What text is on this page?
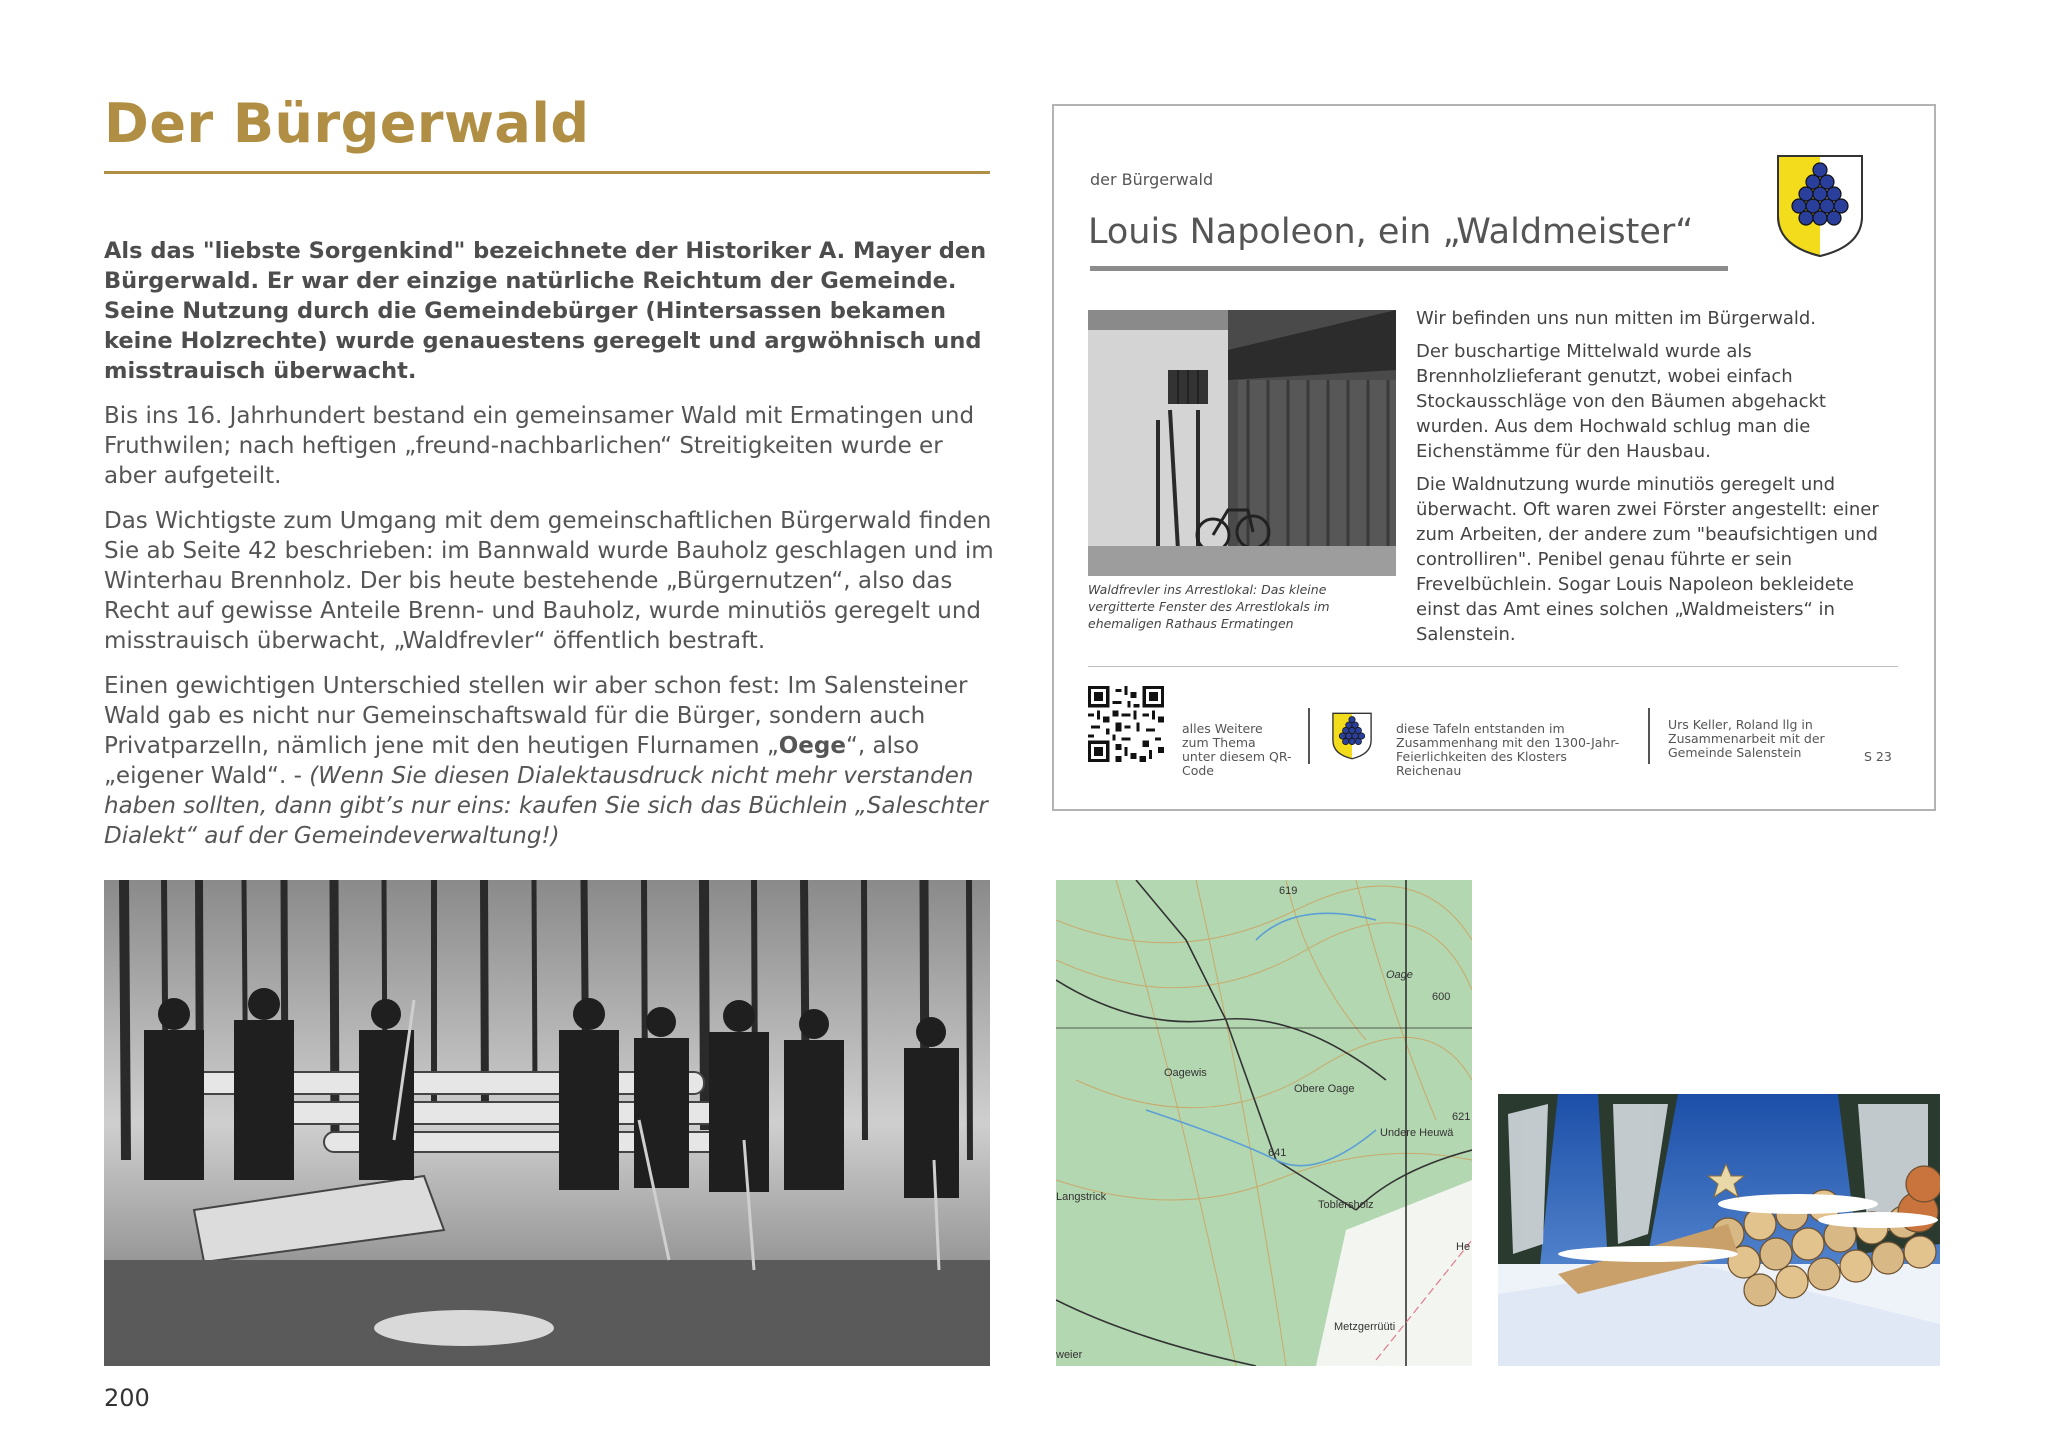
Der Bürgerwald

Als das "liebste Sorgenkind" bezeichnete der Historiker A. Mayer den Bürgerwald. Er war der einzige natürliche Reichtum der Gemeinde. Seine Nutzung durch die Gemeindebürger (Hintersassen bekamen keine Holzrechte) wurde genauestens geregelt und argwöhnisch und misstrauisch überwacht.

Bis ins 16. Jahrhundert bestand ein gemeinsamer Wald mit Ermatingen und Fruthwilen; nach heftigen „freund-nachbarlichen“ Streitigkeiten wurde er aber aufgeteilt.

Das Wichtigste zum Umgang mit dem gemeinschaftlichen Bürgerwald finden Sie ab Seite 42 beschrieben: im Bannwald wurde Bauholz geschlagen und im Winterhau Brennholz. Der bis heute bestehende „Bürgernutzen“, also das Recht auf gewisse Anteile Brenn- und Bauholz, wurde minutiös geregelt und misstrauisch überwacht, „Waldfrevler“ öffentlich bestraft.

Einen gewichtigen Unterschied stellen wir aber schon fest: Im Salensteiner Wald gab es nicht nur Gemeinschaftswald für die Bürger, sondern auch Privatparzelln, nämlich jene mit den heutigen Flurnamen „Oege“, also „eigener Wald“. - (Wenn Sie diesen Dialektausdruck nicht mehr verstanden haben sollten, dann gibt’s nur eins: kaufen Sie sich das Büchlein „Saleschter Dialekt“ auf der Gemeindeverwaltung!)

der Bürgerwald
Louis Napoleon, ein „Waldmeister“
Waldfrevler ins Arrestlokal: Das kleine vergitterte Fenster des Arrestlokals im ehemaligen Rathaus Ermatingen

Wir befinden uns nun mitten im Bürgerwald.

Der buschartige Mittelwald wurde als Brennholzlieferant genutzt, wobei einfach Stockausschläge von den Bäumen abgehackt wurden. Aus dem Hochwald schlug man die Eichenstämme für den Hausbau.

Die Waldnutzung wurde minutiös geregelt und überwacht. Oft waren zwei Förster angestellt: einer zum Arbeiten, der andere zum "beaufsichtigen und controlliren". Penibel genau führte er sein Frevelbüchlein. Sogar Louis Napoleon bekleidete einst das Amt eines solchen „Waldmeisters“ in Salenstein.

alles Weitere zum Thema unter diesem QR-Code
diese Tafeln entstanden im Zusammenhang mit den 1300-Jahr-Feierlichkeiten des Klosters Reichenau
Urs Keller, Roland llg in Zusammenarbeit mit der Gemeinde Salenstein	S 23
619
Oage
600
Oagewis
Obere Oage
621
Undere Heuwä
641
Langstrick
Toblersholz
He
Metzgerrüüti
weier
200
